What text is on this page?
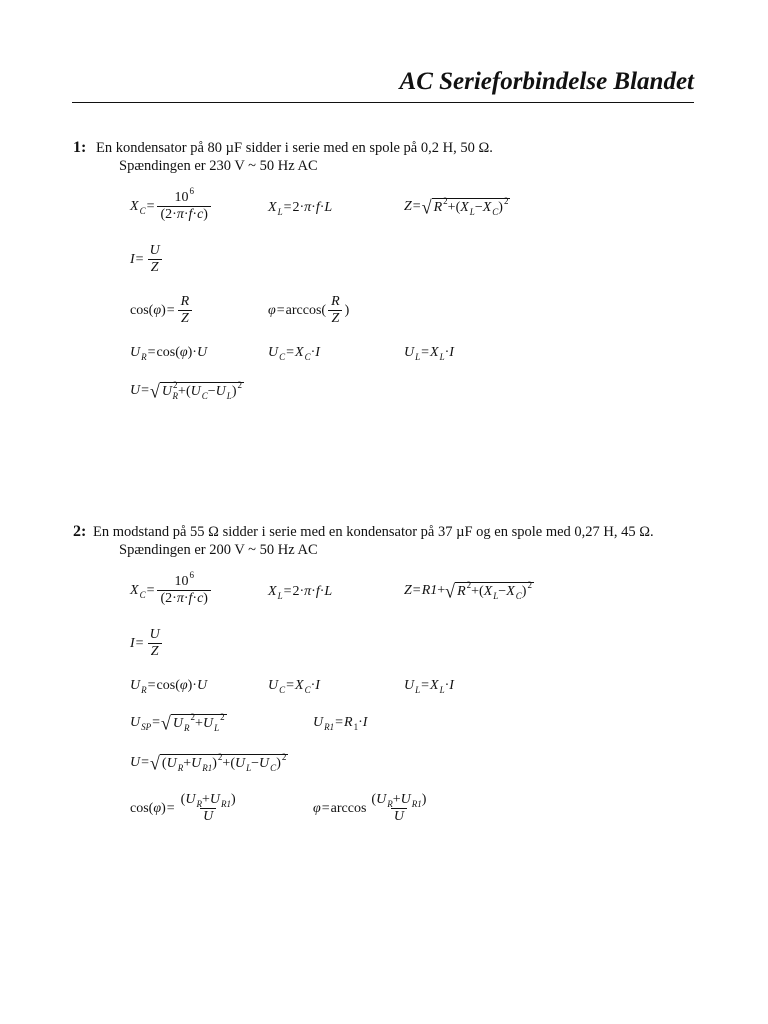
AC Serieforbindelse Blandet
1: En kondensator på 80 µF sidder i serie med en spole på 0,2 H, 50 Ω.
Spændingen er 230 V ~ 50 Hz AC
X $C = \frac{10^6}{(2\cdot\pi\cdot f\cdot c)}$	X L = 2 · π · f · L	Z = √ $R^2+(X_L-X_C)^2$
$I = \frac{U}{Z}$
cos ( φ ) = $\frac{R}{Z}$	φ = arccos (
R
Z
)
U R = cos ( φ ) · U	U C = X C · I	U L = X L · I
U = √ $U^2_R+(U_C-U_L)^2$
2: En modstand på 55 Ω sidder i serie med en kondensator på 37 µF og en spole med 0,27 H, 45 Ω.
Spændingen er 200 V ~ 50 Hz AC
X $C = \frac{10^6}{(2\cdot\pi\cdot f\cdot c)}$	X L = 2 · π · f · L	Z = R1 + √ $R^2+(X_L-X_C)^2$
$I = \frac{U}{Z}$
U R = cos ( φ ) · U	U C = X C · I	U L = X L · I
U SP = √ $U_R^2+U_L^2$	U R1 = R 1 · I
U = √ $(U_R+U_{R1})^2+(U_L-U_C)^2$
cos ( φ ) = $\frac{(U_R+U_{R1})}{U}$	φ = arccos
$(U_R+U_{R1})$
U
